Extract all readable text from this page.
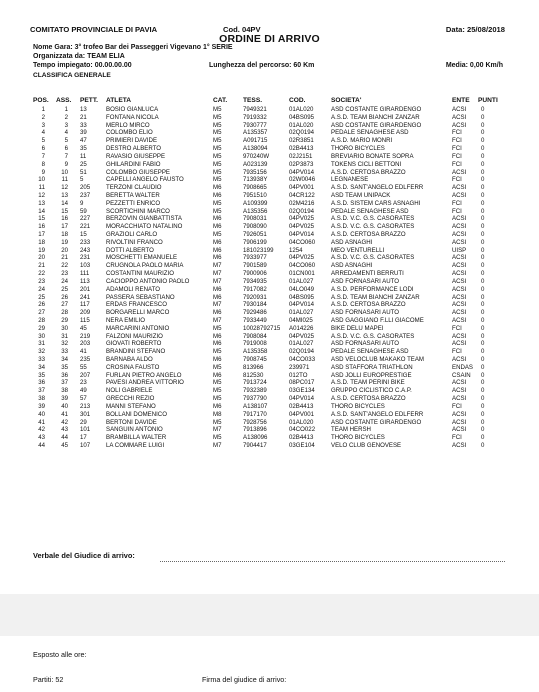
COMITATO PROVINCIALE DI PAVIA	Cod. 04PV	Data: 25/08/2018
ORDINE DI ARRIVO
Nome Gara: 3° trofeo Bar dei Passeggeri Vigevano 1° SERIE
Organizzata da: TEAM ELIA
Tempo impiegato: 00.00.00.00	Lunghezza del percorso: 60 Km	Media: 0,00 Km/h
CLASSIFICA GENERALE
POS. ASS. PETT. ATLETA	CAT. TESS.	COD.	SOCIETA'	ENTE PUNTI
1	1 13	BOSIO GIANLUCA	M5	7949321	01AL020	ASD COSTANTE GIRARDENGO	ACSI 0
2	2 21	FONTANA NICOLA	M5	7919332	04BS095	A.S.D. TEAM BIANCHI ZANZAR	ACSI 0
3	3 33	MERLO MIRCO	M5	7930777	01AL020	ASD COSTANTE GIRARDENGO	ACSI 0
4	4 39	COLOMBO ELIO	M5	A135357	02Q0194	PEDALE SENAGHESE ASD	FCI	0
5	5 47	PRIMIERI DAVIDE	M5	A091715	02R3851	A.S.D. MARIO MONRI	FCI	0
6	6 35	DESTRO ALBERTO	M5	A138094	02B4413	THORO BICYCLES	FCI	0
7	7 11	RAVASIO GIUSEPPE	M5	970240W	02J2151	BREVIARIO BONATE SOPRA	FCI	0
8	9 25	GHILARDINI FABIO	M5	A023139	02P3873	TOKENS CICLI BETTONI	FCI	0
9	10 51	COLOMBO GIUSEPPE	M5	7935156	04PV014	A.S.D. CERTOSA BRAZZO	ACSI 0
10	11 5	CAPELLI ANGELO FAUSTO	M5	713938Y	02W0046	LEGNANESE	FCI	0
11	12 205	TERZONI CLAUDIO	M6	7908665	04PV001	A.S.D. SANT'ANGELO EDLFERR	ACSI 0
12	13 237	BERETTA WALTER	M6	7951510	04CR122	ASD TEAM UNIPACK	ACSI 0
13	14 9	PEZZETTI ENRICO	M5	A109399	02M4216	A.S.D. SISTEM CARS ASNAGHI	FCI	0
14	15 59	SCORTICHINI MARCO	M5	A135356	02Q0194	PEDALE SENAGHESE ASD	FCI	0
15	16 227	BERZOVIN GIANBATTISTA	M6	7908031	04PV025	A.S.D. V.C. G.S. CASORATES	ACSI 0
16	17 221	MORACCHIATO NATALINO	M6	7908090	04PV025	A.S.D. V.C. G.S. CASORATES	ACSI 0
17	18 15	GRAZIOLI CARLO	M5	7926051	04PV014	A.S.D. CERTOSA BRAZZO	ACSI 0
18	19 233	RIVOLTINI FRANCO	M6	7906199	04CO060	ASD ASNAGHI	ACSI 0
19	20 243	DOTTI ALBERTO	M6	181023199	1254	MEO VENTURELLI	UISP 0
20	21 231	MOSCHETTI EMANUELE	M6	7933977	04PV025	A.S.D. V.C. G.S. CASORATES	ACSI 0
21	22 103	CRUGNOLA PAOLO MARIA	M7	7901589	04CO060	ASD ASNAGHI	ACSI 0
22	23 111	COSTANTINI MAURIZIO	M7	7900906	01CN001	ARREDAMENTI BERRUTI	ACSI 0
23	24 113	CACIOPPO ANTONIO PAOLO	M7	7934935	01AL027	ASD FORNASARI AUTO	ACSI 0
24	25 201	ADAMOLI RENATO	M6	7917082	04LO049	A.S.D. PERFORMANCE LODI	ACSI 0
25	26 241	PASSERA SEBASTIANO	M6	7920931	04BS095	A.S.D. TEAM BIANCHI ZANZAR	ACSI 0
26	27 117	ERDAS FRANCESCO	M7	7930184	04PV014	A.S.D. CERTOSA BRAZZO	ACSI 0
27	28 209	BORGARELLI MARCO	M6	7929486	01AL027	ASD FORNASARI AUTO	ACSI 0
28	29 115	NERA EMILIO	M7	7933449	04MI025	ASD GAGGIANO F.LLI GIACOME	ACSI 0
29	30 45	MARCARINI ANTONIO	M5	10028792715 A014226	BIKE DELU MAPEI	FCI	0
30	31 219	FALZONI MAURIZIO	M6	7908084	04PV025	A.S.D. V.C. G.S. CASORATES	ACSI 0
31	32 203	GIOVATI ROBERTO	M6	7919008	01AL027	ASD FORNASARI AUTO	ACSI 0
32	33 41	BRANDINI STEFANO	M5	A135358	02Q0194	PEDALE SENAGHESE ASD	FCI	0
33	34 235	BARNABA ALDO	M6	7908745	04CO033	ASD VELOCLUB MAKAKO TEAM	ACSI 0
34	35 55	CROSINA FAUSTO	M5	813966	239971	ASD STAFFORA TRIATHLON	ENDAS 0
35	36 207	FURLAN PIETRO ANGELO	M6	812530	012TO	ASD JOLLI EUROPRESTIGE	CSAIN 0
36	37 23	PAVESI ANDREA VITTORIO	M5	7913724	08PC017	A.S.D. TEAM PERINI BIKE	ACSI 0
37	38 49	NOLI GABRIELE	M5	7932389	03GE134	GRUPPO CICLISTICO C.A.P.	ACSI 0
38	39 57	GRECCHI REZIO	M5	7937790	04PV014	A.S.D. CERTOSA BRAZZO	ACSI 0
39	40 213	MANNI STEFANO	M6	A138107	02B4413	THORO BICYCLES	FCI	0
40	41 301	BOLLANI DOMENICO	M8	7917170	04PV001	A.S.D. SANT'ANGELO EDLFERR	ACSI 0
41	42 29	BERTONI DAVIDE	M5	7928756	01AL020	ASD COSTANTE GIRARDENGO	ACSI 0
42	43 101	SANGUIN ANTONIO	M7	7913896	04CO022	TEAM HERSH	ACSI 0
43	44 17	BRAMBILLA WALTER	M5	A138096	02B4413	THORO BICYCLES	FCI	0
44	45 107	LA COMMARE LUIGI	M7	7904417	03GE104	VELO CLUB GENOVESE	ACSI 0
Verbale del Giudice di arrivo:
Esposto alle ore:
Partiti: 52	Firma del giudice di arrivo:
